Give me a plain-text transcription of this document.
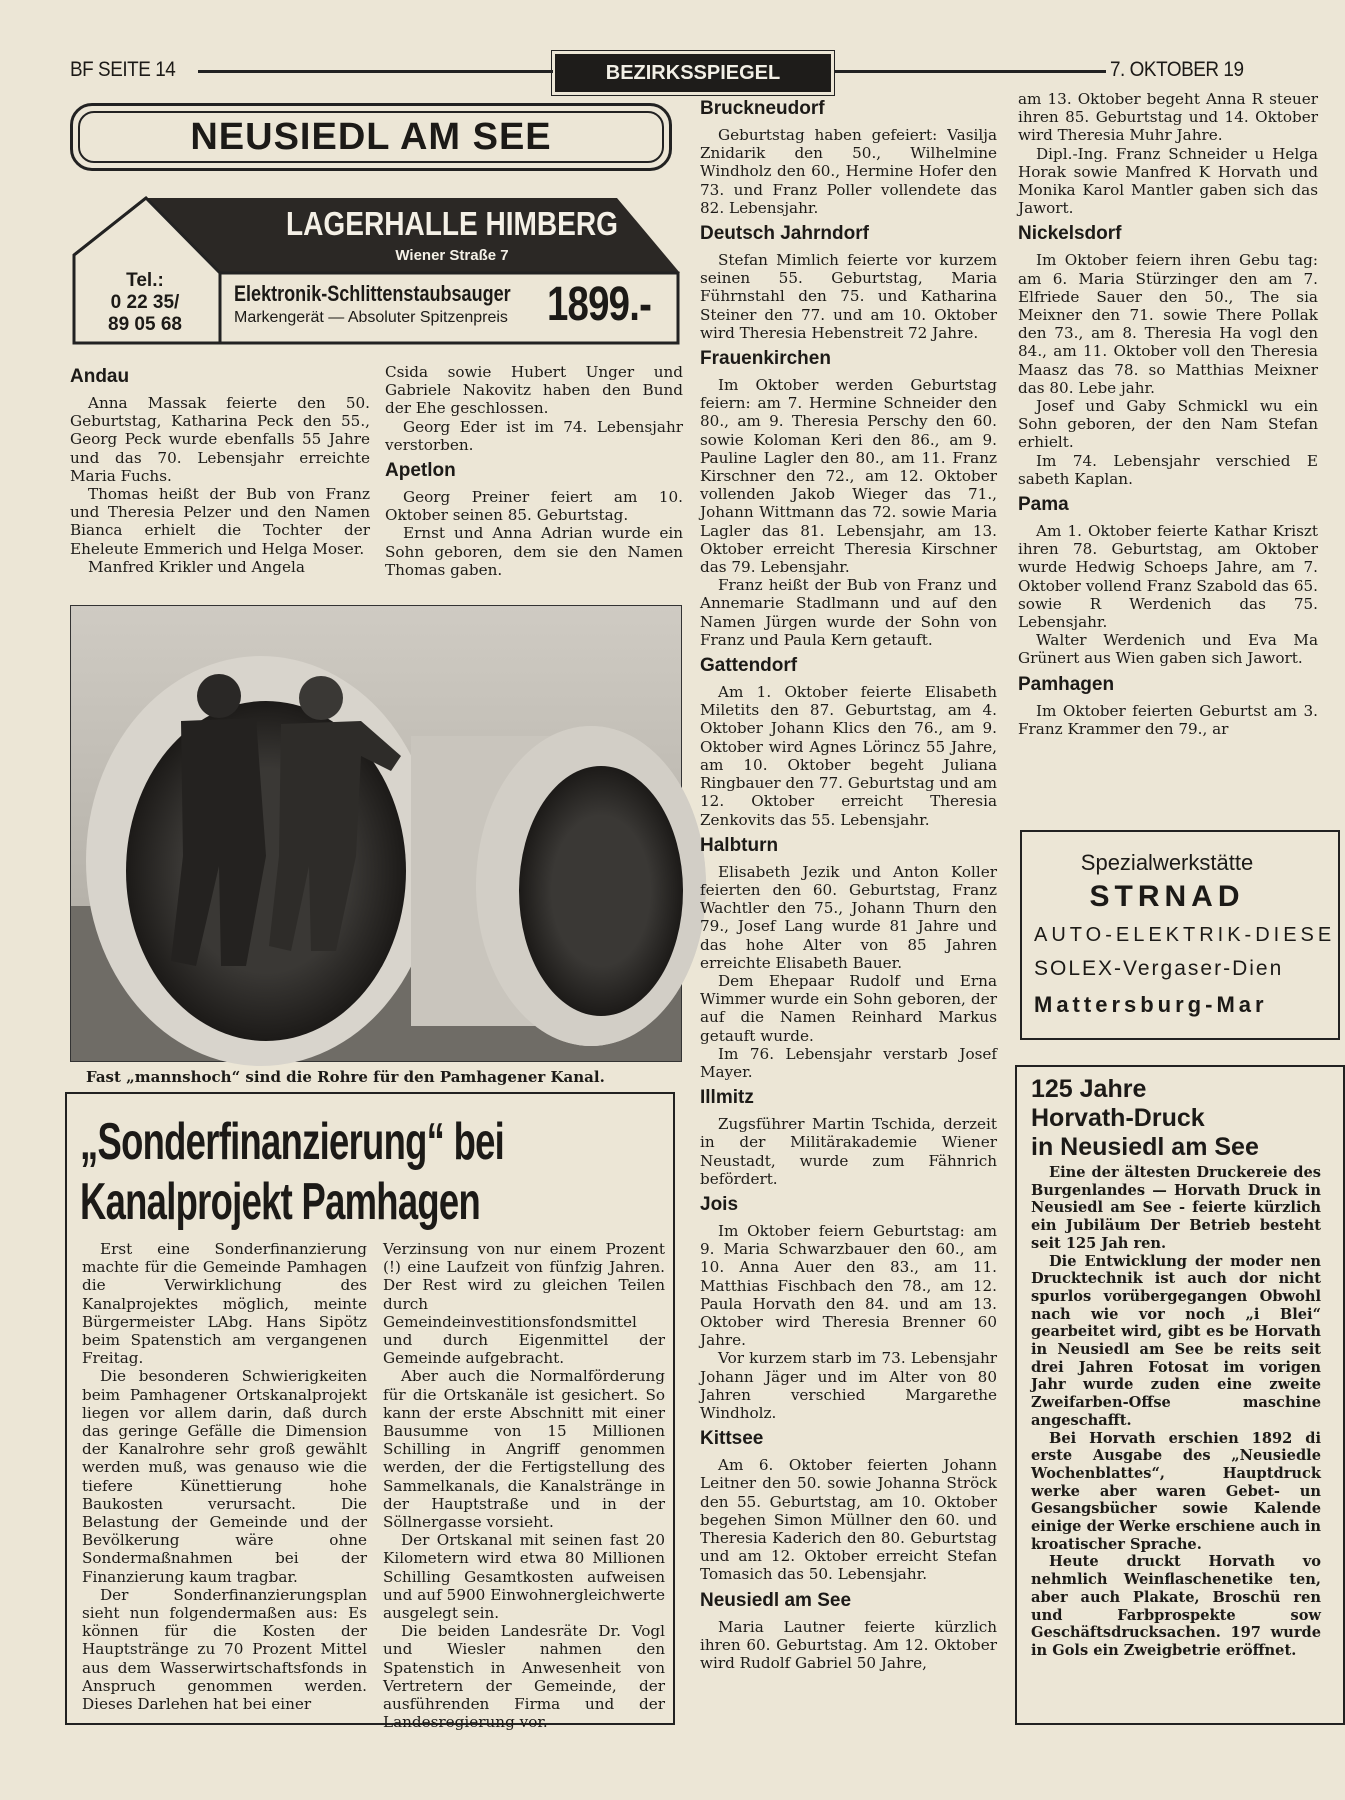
BF SEITE 14	BEZIRKSSPIEGEL	7. OKTOBER 19
NEUSIEDL AM SEE
LAGERHALLE HIMBERG
Wiener Straße 7
Tel.:
0 22 35/
89 05 68
Elektronik-Schlittenstaubsauger
Markengerät — Absoluter Spitzenpreis 1899.-
Andau

Anna Massak feierte den 50. Geburtstag, Katharina Peck den 55., Georg Peck wurde ebenfalls 55 Jahre und das 70. Lebensjahr erreichte Maria Fuchs.

Thomas heißt der Bub von Franz und Theresia Pelzer und den Namen Bianca erhielt die Tochter der Eheleute Emmerich und Helga Moser.

Manfred Krikler und Angela

Csida sowie Hubert Unger und Gabriele Nakovitz haben den Bund der Ehe geschlossen.

Georg Eder ist im 74. Lebensjahr verstorben.

Apetlon

Georg Preiner feiert am 10. Oktober seinen 85. Geburtstag.

Ernst und Anna Adrian wurde ein Sohn geboren, dem sie den Namen Thomas gaben.

Fast „mannshoch“ sind die Rohre für den Pamhagener Kanal.
„Sonderfinanzierung“ bei
Kanalprojekt Pamhagen

Erst eine Sonderfinanzierung machte für die Gemeinde Pamhagen die Verwirklichung des Kanalprojektes möglich, meinte Bürgermeister LAbg. Hans Sipötz beim Spatenstich am vergangenen Freitag.

Die besonderen Schwierigkeiten beim Pamhagener Ortskanalprojekt liegen vor allem darin, daß durch das geringe Gefälle die Dimension der Kanalrohre sehr groß gewählt werden muß, was genauso wie die tiefere Künettierung hohe Baukosten verursacht. Die Belastung der Gemeinde und der Bevölkerung wäre ohne Sondermaßnahmen bei der Finanzierung kaum tragbar.

Der Sonderfinanzierungsplan sieht nun folgendermaßen aus: Es können für die Kosten der Hauptstränge zu 70 Prozent Mittel aus dem Wasserwirtschaftsfonds in Anspruch genommen werden. Dieses Darlehen hat bei einer

Verzinsung von nur einem Prozent (!) eine Laufzeit von fünfzig Jahren. Der Rest wird zu gleichen Teilen durch Gemeindeinvestitionsfondsmittel und durch Eigenmittel der Gemeinde aufgebracht.

Aber auch die Normalförderung für die Ortskanäle ist gesichert. So kann der erste Abschnitt mit einer Bausumme von 15 Millionen Schilling in Angriff genommen werden, der die Fertigstellung des Sammelkanals, die Kanalstränge in der Hauptstraße und in der Söllnergasse vorsieht.

Der Ortskanal mit seinen fast 20 Kilometern wird etwa 80 Millionen Schilling Gesamtkosten aufweisen und auf 5900 Einwohnergleichwerte ausgelegt sein.

Die beiden Landesräte Dr. Vogl und Wiesler nahmen den Spatenstich in Anwesenheit von Vertretern der Gemeinde, der ausführenden Firma und der Landesregierung vor.

Bruckneudorf

Geburtstag haben gefeiert: Vasilja Znidarik den 50., Wilhelmine Windholz den 60., Hermine Hofer den 73. und Franz Poller vollendete das 82. Lebensjahr.

Deutsch Jahrndorf

Stefan Mimlich feierte vor kurzem seinen 55. Geburtstag, Maria Führnstahl den 75. und Katharina Steiner den 77. und am 10. Oktober wird Theresia Hebenstreit 72 Jahre.

Frauenkirchen

Im Oktober werden Geburtstag feiern: am 7. Hermine Schneider den 80., am 9. Theresia Perschy den 60. sowie Koloman Keri den 86., am 9. Pauline Lagler den 80., am 11. Franz Kirschner den 72., am 12. Oktober vollenden Jakob Wieger das 71., Johann Wittmann das 72. sowie Maria Lagler das 81. Lebensjahr, am 13. Oktober erreicht Theresia Kirschner das 79. Lebensjahr.

Franz heißt der Bub von Franz und Annemarie Stadlmann und auf den Namen Jürgen wurde der Sohn von Franz und Paula Kern getauft.

Gattendorf

Am 1. Oktober feierte Elisabeth Miletits den 87. Geburtstag, am 4. Oktober Johann Klics den 76., am 9. Oktober wird Agnes Lörincz 55 Jahre, am 10. Oktober begeht Juliana Ringbauer den 77. Geburtstag und am 12. Oktober erreicht Theresia Zenkovits das 55. Lebensjahr.

Halbturn

Elisabeth Jezik und Anton Koller feierten den 60. Geburtstag, Franz Wachtler den 75., Johann Thurn den 79., Josef Lang wurde 81 Jahre und das hohe Alter von 85 Jahren erreichte Elisabeth Bauer.

Dem Ehepaar Rudolf und Erna Wimmer wurde ein Sohn geboren, der auf die Namen Reinhard Markus getauft wurde.

Im 76. Lebensjahr verstarb Josef Mayer.

Illmitz

Zugsführer Martin Tschida, derzeit in der Militärakademie Wiener Neustadt, wurde zum Fähnrich befördert.

Jois

Im Oktober feiern Geburtstag: am 9. Maria Schwarzbauer den 60., am 10. Anna Auer den 83., am 11. Matthias Fischbach den 78., am 12. Paula Horvath den 84. und am 13. Oktober wird Theresia Brenner 60 Jahre.

Vor kurzem starb im 73. Lebensjahr Johann Jäger und im Alter von 80 Jahren verschied Margarethe Windholz.

Kittsee

Am 6. Oktober feierten Johann Leitner den 50. sowie Johanna Ströck den 55. Geburtstag, am 10. Oktober begehen Simon Müllner den 60. und Theresia Kaderich den 80. Geburtstag und am 12. Oktober erreicht Stefan Tomasich das 50. Lebensjahr.

Neusiedl am See

Maria Lautner feierte kürzlich ihren 60. Geburtstag. Am 12. Oktober wird Rudolf Gabriel 50 Jahre,

am 13. Oktober begeht Anna R steuer ihren 85. Geburtstag und 14. Oktober wird Theresia Muhr Jahre.

Dipl.-Ing. Franz Schneider u Helga Horak sowie Manfred K Horvath und Monika Karol Mantler gaben sich das Jawort.

Nickelsdorf

Im Oktober feiern ihren Gebu tag: am 6. Maria Stürzinger den am 7. Elfriede Sauer den 50., The sia Meixner den 71. sowie There Pollak den 73., am 8. Theresia Ha vogl den 84., am 11. Oktober voll den Theresia Maasz das 78. so Matthias Meixner das 80. Lebe jahr.

Josef und Gaby Schmickl wu ein Sohn geboren, der den Nam Stefan erhielt.

Im 74. Lebensjahr verschied E sabeth Kaplan.

Pama

Am 1. Oktober feierte Kathar Kriszt ihren 78. Geburtstag, am Oktober wurde Hedwig Schoeps Jahre, am 7. Oktober vollend Franz Szabold das 65. sowie R Werdenich das 75. Lebensjahr.

Walter Werdenich und Eva Ma Grünert aus Wien gaben sich Jawort.

Pamhagen

Im Oktober feierten Geburtst am 3. Franz Krammer den 79., ar

Spezialwerkstätte
STRNAD
AUTO-ELEKTRIK-DIESE
SOLEX-Vergaser-Dien
Mattersburg-Mar
125 Jahre
Horvath-Druck
in Neusiedl am See

Eine der ältesten Druckereie des Burgenlandes — Horvath Druck in Neusiedl am See - feierte kürzlich ein Jubiläum Der Betrieb besteht seit 125 Jah ren.

Die Entwicklung der moder nen Drucktechnik ist auch dor nicht spurlos vorübergegangen Obwohl nach wie vor noch „i Blei“ gearbeitet wird, gibt es be Horvath in Neusiedl am See be reits seit drei Jahren Fotosat im vorigen Jahr wurde zuden eine zweite Zweifarben-Offse maschine angeschafft.

Bei Horvath erschien 1892 di erste Ausgabe des „Neusiedle Wochenblattes“, Hauptdruck werke aber waren Gebet- un Gesangsbücher sowie Kalende einige der Werke erschiene auch in kroatischer Sprache.

Heute druckt Horvath vo nehmlich Weinflaschenetike ten, aber auch Plakate, Broschü ren und Farbprospekte sow Geschäftsdrucksachen. 197 wurde in Gols ein Zweigbetrie eröffnet.
